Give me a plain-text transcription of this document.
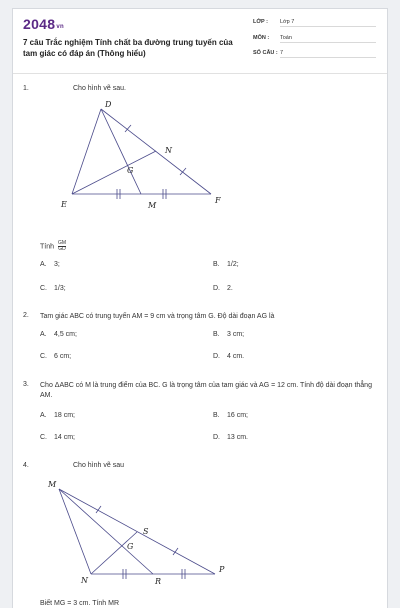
2048vn
7 câu Trắc nghiệm Tính chất ba đường trung tuyến của tam giác có đáp án (Thông hiểu)
LỚP : Lớp 7
MÔN : Toán
SỐ CÂU : 7
1.	Cho hình vẽ sau.
D
N
G
E	M
F
Tính $\frac{GM}{GD}$
A. 3;	B. 1/2;
C. 1/3;	D. 2.
2. Tam giác ABC có trung tuyến AM = 9 cm và trọng tâm G. Độ dài đoạn AG là
A. 4,5 cm;	B. 3 cm;
C. 6 cm;	D. 4 cm.
3. Cho ΔABC có M là trung điểm của BC. G là trọng tâm của tam giác và AG = 12 cm. Tính độ dài đoạn thẳng AM.
A. 18 cm;	B. 16 cm;
C. 14 cm;	D. 13 cm.
4.	Cho hình vẽ sau
M
S
G
N	R
P
Biết MG = 3 cm. Tính MR
